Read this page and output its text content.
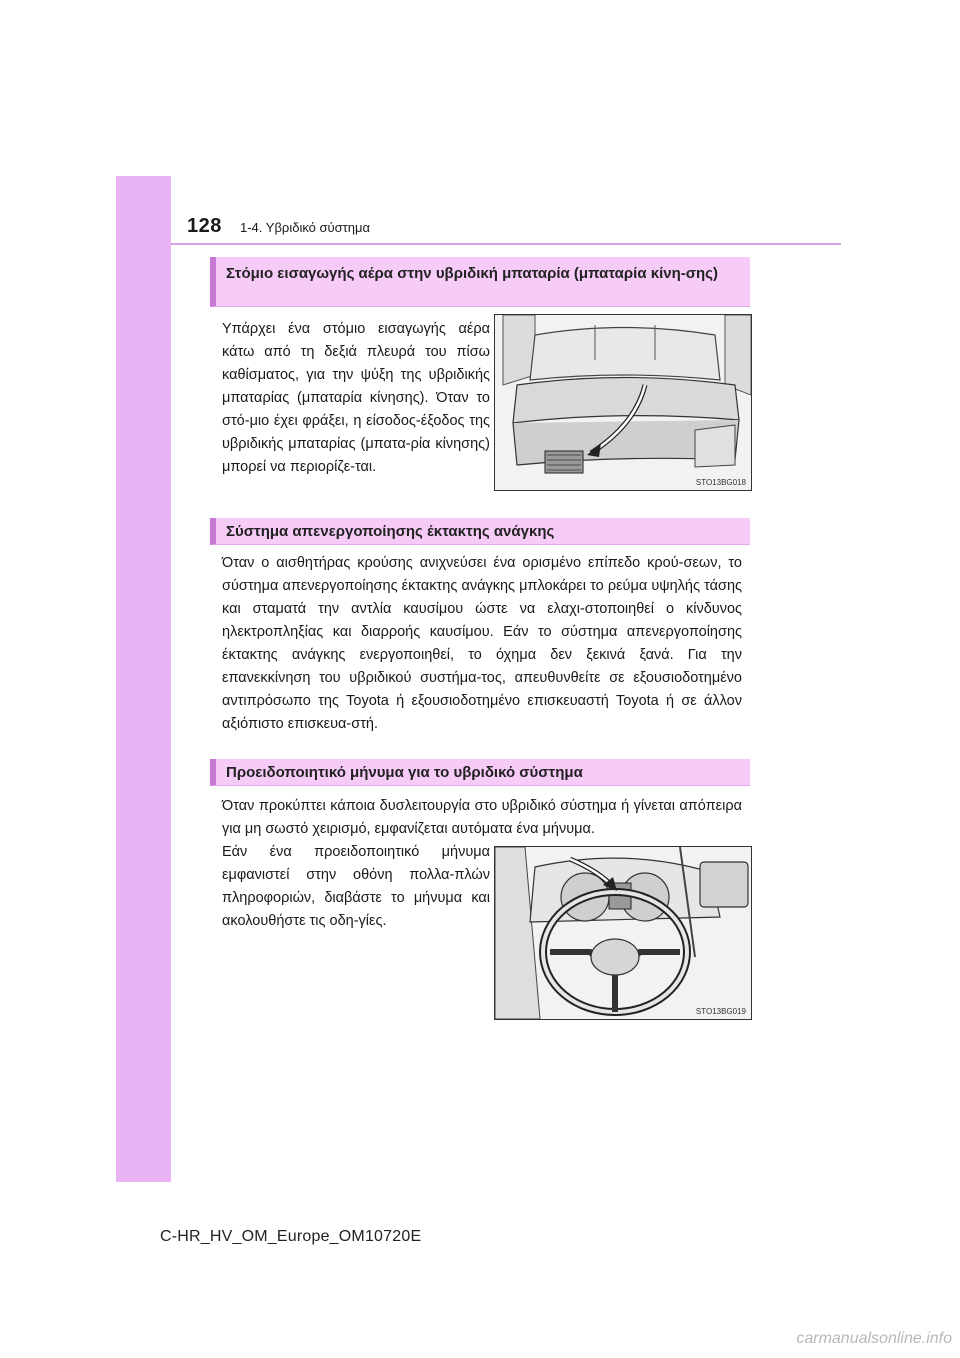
128 1-4. Υβριδικό σύστημα
Στόμιο εισαγωγής αέρα στην υβριδική μπαταρία (μπαταρία κίνη-σης)

Υπάρχει ένα στόμιο εισαγωγής αέρα κάτω από τη δεξιά πλευρά του πίσω καθίσματος, για την ψύξη της υβριδικής μπαταρίας (μπαταρία κίνησης). Όταν το στό-μιο έχει φράξει, η είσοδος-έξοδος της υβριδικής μπαταρίας (μπατα-ρία κίνησης) μπορεί να περιορίζε-ται.

STO13BG018
Σύστημα απενεργοποίησης έκτακτης ανάγκης

Όταν ο αισθητήρας κρούσης ανιχνεύσει ένα ορισμένο επίπεδο κρού-σεων, το σύστημα απενεργοποίησης έκτακτης ανάγκης μπλοκάρει το ρεύμα υψηλής τάσης και σταματά την αντλία καυσίμου ώστε να ελαχι-στοποιηθεί ο κίνδυνος ηλεκτροπληξίας και διαρροής καυσίμου. Εάν το σύστημα απενεργοποίησης έκτακτης ανάγκης ενεργοποιηθεί, το όχημα δεν ξεκινά ξανά. Για την επανεκκίνηση του υβριδικού συστήμα-τος, απευθυνθείτε σε εξουσιοδοτημένο αντιπρόσωπο της Toyota ή εξουσιοδοτημένο επισκευαστή Toyota ή σε άλλον αξιόπιστο επισκευα-στή.

Προειδοποιητικό μήνυμα για το υβριδικό σύστημα

Όταν προκύπτει κάποια δυσλειτουργία στο υβριδικό σύστημα ή γίνεται απόπειρα για μη σωστό χειρισμό, εμφανίζεται αυτόματα ένα μήνυμα.

Εάν ένα προειδοποιητικό μήνυμα εμφανιστεί στην οθόνη πολλα-πλών πληροφοριών, διαβάστε το μήνυμα και ακολουθήστε τις οδη-γίες.

STO13BG019
C-HR_HV_OM_Europe_OM10720E
carmanualsonline.info
